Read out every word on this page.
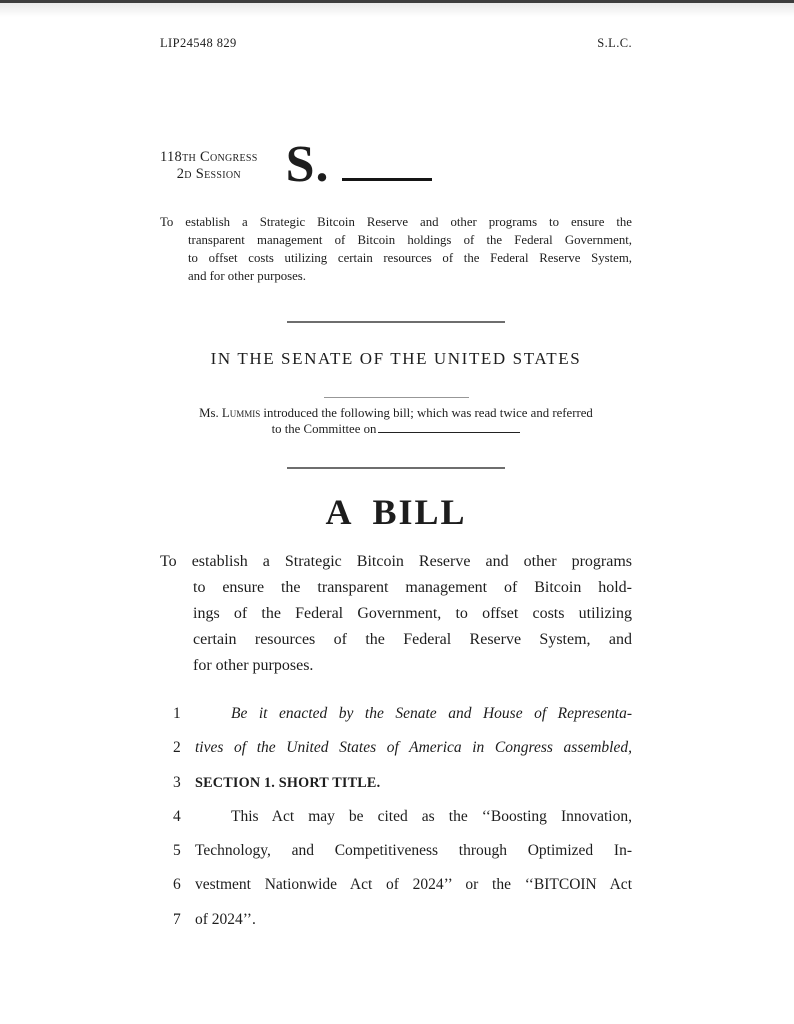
LIP24548 829	S.L.C.
118th Congress
2d Session S.
To establish a Strategic Bitcoin Reserve and other programs to ensure the
transparent management of Bitcoin holdings of the Federal Government,
to offset costs utilizing certain resources of the Federal Reserve System,
and for other purposes.
IN THE SENATE OF THE UNITED STATES
Ms. Lummis introduced the following bill; which was read twice and referred
to the Committee on
A BILL
To establish a Strategic Bitcoin Reserve and other programs
to ensure the transparent management of Bitcoin hold-
ings of the Federal Government, to offset costs utilizing
certain resources of the Federal Reserve System, and
for other purposes.
1	Be it enacted by the Senate and House of Representa-
2 tives of the United States of America in Congress assembled,
3	SECTION 1. SHORT TITLE.
4	This Act may be cited as the ‘‘Boosting Innovation,
5 Technology, and Competitiveness through Optimized In-
6 vestment Nationwide Act of 2024’’ or the ‘‘BITCOIN Act
7 of 2024’’.
